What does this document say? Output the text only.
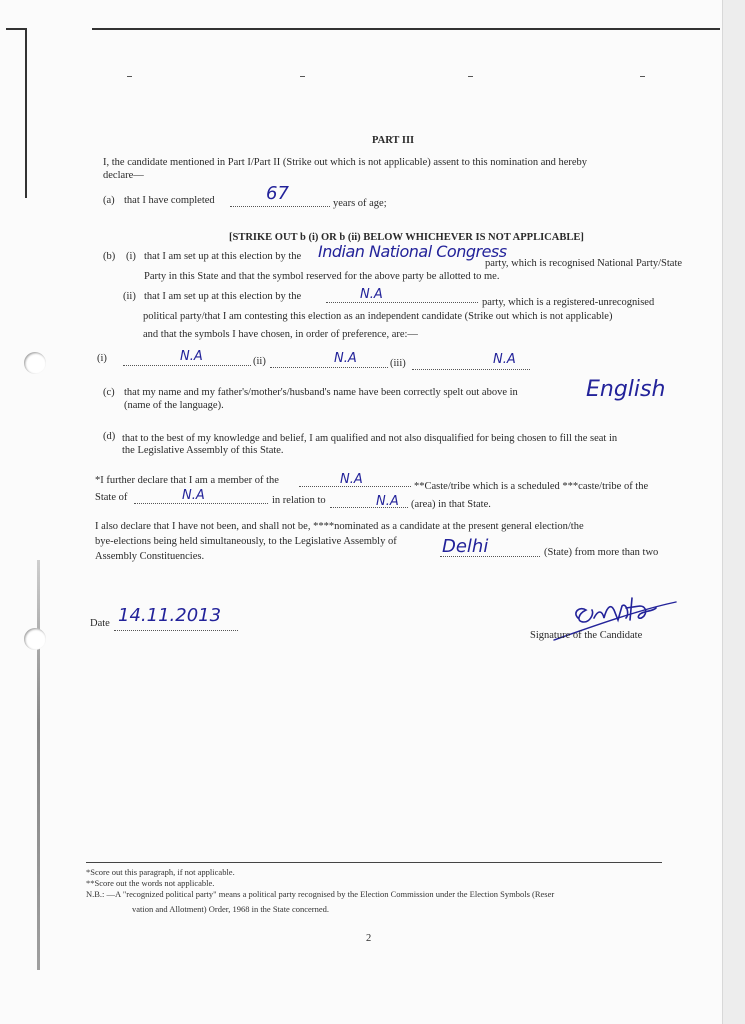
PART III
I, the candidate mentioned in Part I/Part II (Strike out which is not applicable) assent to this nomination and hereby
declare—
(a) that I have completed	67	years of age;
[STRIKE OUT b (i) OR b (ii) BELOW WHICHEVER IS NOT APPLICABLE]
(b) (i) that I am set up at this election by the Indian National Congress
party, which is recognised National Party/State
Party in this State and that the symbol reserved for the above party be allotted to me.
(ii) that I am set up at this election by the	N.A
party, which is a registered-unrecognised
political party/that I am contesting this election as an independent candidate (Strike out which is not applicable)
and that the symbols I have chosen, in order of preference, are:—
(i)	N.A	(ii)	N.A	(iii)	N.A
(c) that my name and my father's/mother's/husband's name have been correctly spelt out above in	English
(name of the language).
(d) that to the best of my knowledge and belief, I am qualified and not also disqualified for being chosen to fill the seat in
the Legislative Assembly of this State.
*I further declare that I am a member of the	N.A	**Caste/tribe which is a scheduled ***caste/tribe of the
State of	N.A	in relation to	N.A (area) in that State.
I also declare that I have not been, and shall not be, ****nominated as a candidate at the present general election/the
bye-elections being held simultaneously, to the Legislative Assembly of	Delhi	(State) from more than two
Assembly Constituencies.
Date 14.11.2013
Signature of the Candidate
*Score out this paragraph, if not applicable.
**Score out the words not applicable.
N.B.: —A "recognized political party" means a political party recognised by the Election Commission under the Election Symbols (Reser
vation and Allotment) Order, 1968 in the State concerned.
2
